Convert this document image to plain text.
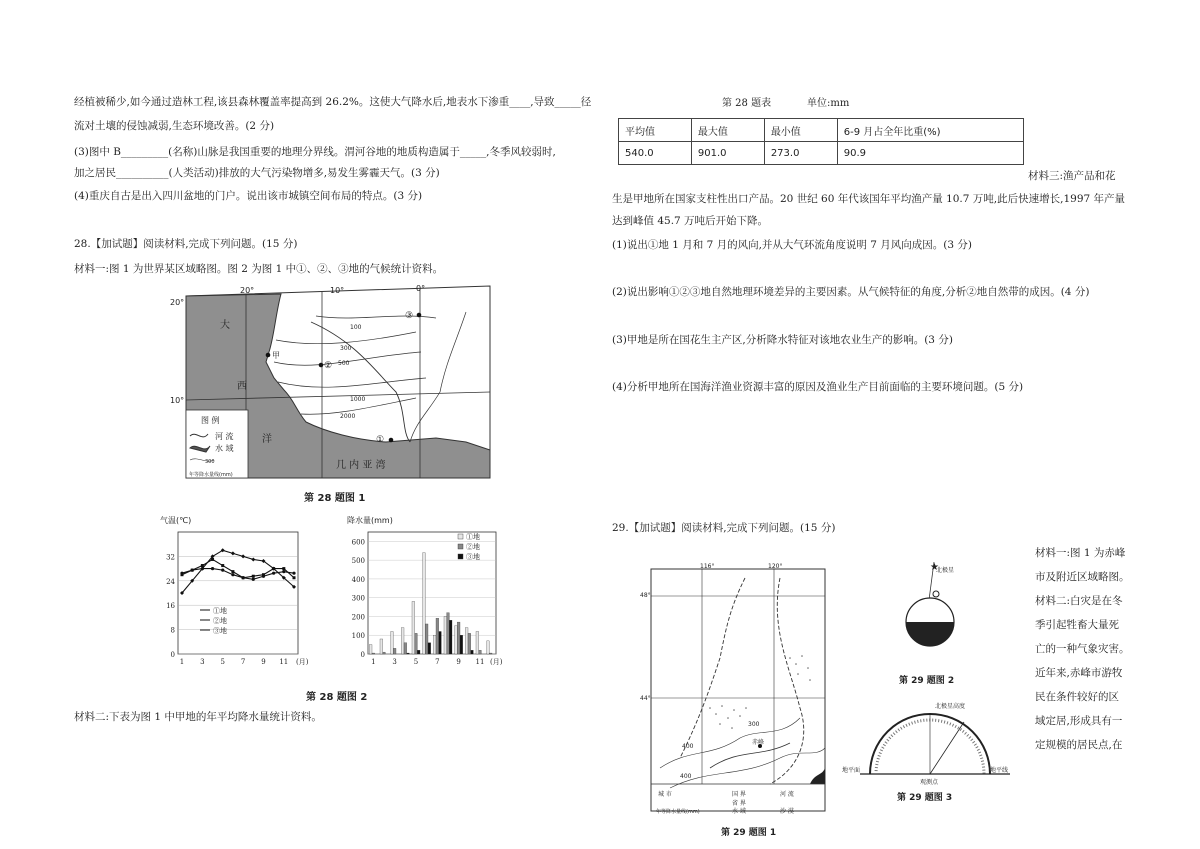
经植被稀少,如今通过造林工程,该县森林覆盖率提高到 26.2%。这使大气降水后,地表水下渗重____,导致_____径
流对土壤的侵蚀减弱,生态环境改善。(2 分)
(3)图中 B_________(名称)山脉是我国重要的地理分界线。渭河谷地的地质构造属于_____,冬季风较弱时,
加之居民__________(人类活动)排放的大气污染物增多,易发生雾霾天气。(3 分)
(4)重庆自古是出入四川盆地的门户。说出该市城镇空间布局的特点。(3 分)
28.【加试题】阅读材料,完成下列问题。(15 分)
材料一:图 1 为世界某区域略图。图 2 为图 1 中①、②、③地的气候统计资料。
20°	10°	0°
20°
10°
100
300
500
1000
2000
③
甲
②
①
大
西
洋
几 内 亚 湾
图 例
河 流
水 域
300
年等降水量线(mm)
第 28 题图 1
气温(℃)	降水量(mm)
0
8
16
24
32
1 3 5 7 9 11 (月)
①地
②地
③地
0
100
200
300
400
500
600
①地
②地
③地
1 3 5 7 9 11 (月)
第 28 题图 2
材料二:下表为图 1 中甲地的年平均降水量统计资料。
第 28 题表	单位:mm
平均值	最大值	最小值	6-9 月占全年比重(%)
540.0	901.0	273.0	90.9
材料三:渔产品和花
生是甲地所在国家支柱性出口产品。20 世纪 60 年代该国年平均渔产量 10.7 万吨,此后快速增长,1997 年产量
达到峰值 45.7 万吨后开始下降。
(1)说出①地 1 月和 7 月的风向,并从大气环流角度说明 7 月风向成因。(3 分)
(2)说出影响①②③地自然地理环境差异的主要因素。从气候特征的角度,分析②地自然带的成因。(4 分)
(3)甲地是所在国花生主产区,分析降水特征对该地农业生产的影响。(3 分)
(4)分析甲地所在国海洋渔业资源丰富的原因及渔业生产目前面临的主要环境问题。(5 分)
29.【加试题】阅读材料,完成下列问题。(15 分)
116°	120°
48°
44°
400
300
400
赤峰
城 市	国 界	河 流
省 界
水 域	沙 漠
年等降水量线(mm)
第 29 题图 1
★
北极星
第 29 题图 2
北极星高度
地平面	地平线
观测点
第 29 题图 3
材料一:图 1 为赤峰
市及附近区域略图。
材料二:白灾是在冬
季引起牲畜大量死
亡的一种气象灾害。
近年来,赤峰市游牧
民在条件较好的区
域定居,形成具有一
定规模的居民点,在
